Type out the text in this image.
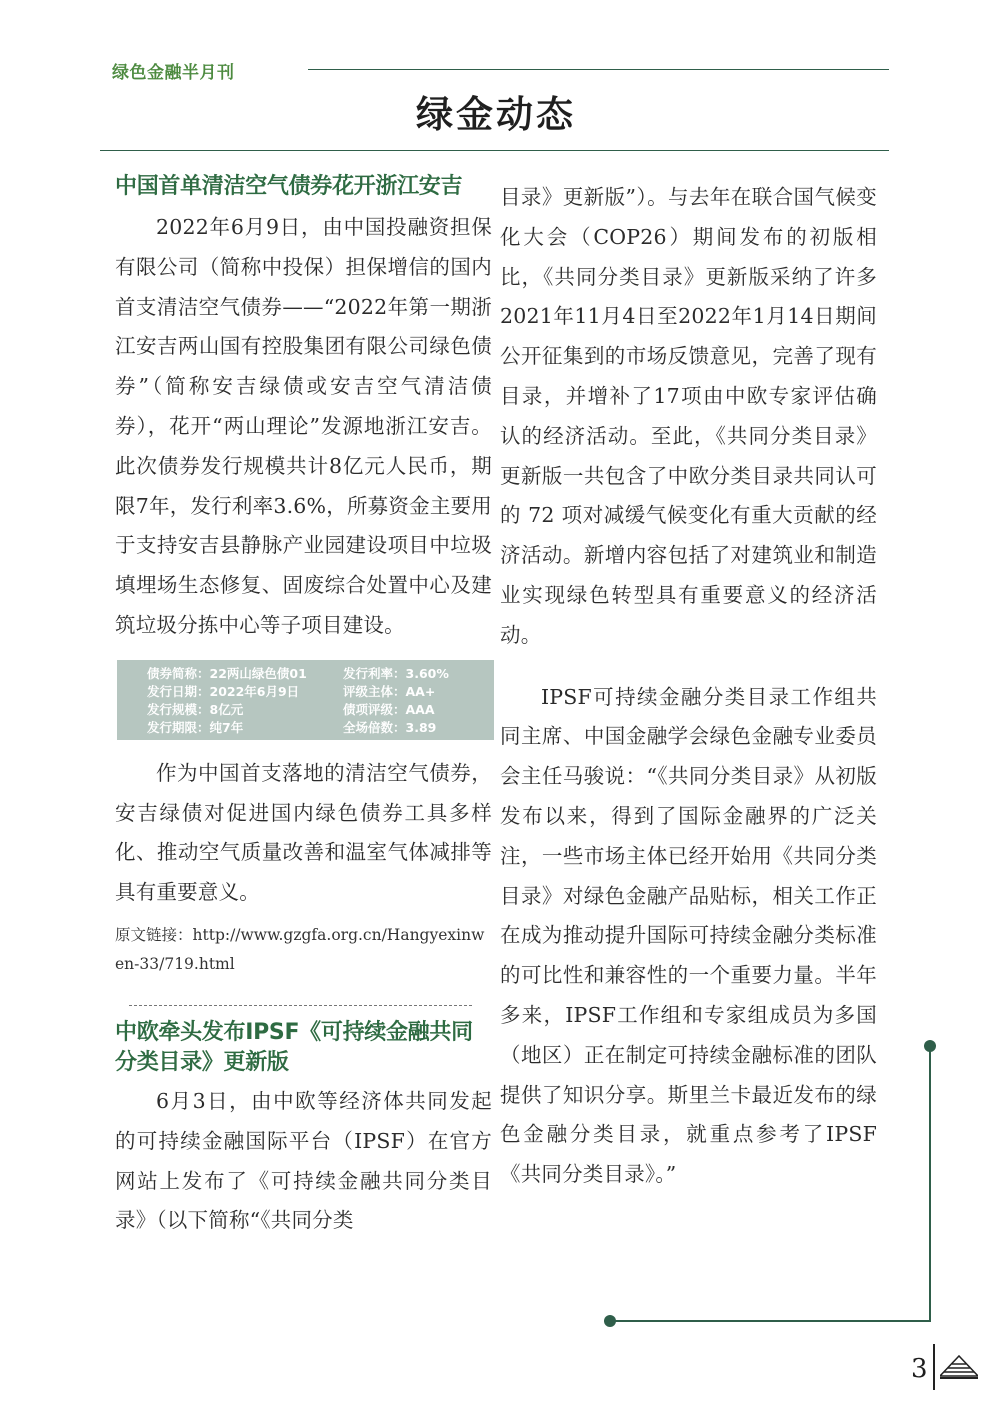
绿色金融半月刊
绿金动态
中国首单清洁空气债券花开浙江安吉

2022年6月9日，由中国投融资担保有限公司（简称中投保）担保增信的国内首支清洁空气债券——“2022年第一期浙江安吉两山国有控股集团有限公司绿色债券”（简称安吉绿债或安吉空气清洁债券），花开“两山理论”发源地浙江安吉。此次债券发行规模共计8亿元人民币，期限7年，发行利率3.6%，所募资金主要用于支持安吉县静脉产业园建设项目中垃圾填埋场生态修复、固废综合处置中心及建筑垃圾分拣中心等子项目建设。

债券简称：22两山绿色债01	发行利率：3.60%
发行日期：2022年6月9日	评级主体：AA+
发行规模：8亿元	债项评级：AAA
发行期限：纯7年	全场倍数：3.89

作为中国首支落地的清洁空气债券，安吉绿债对促进国内绿色债券工具多样化、推动空气质量改善和温室气体减排等具有重要意义。

原文链接：http://www.gzgfa.org.cn/Hangyexinwen-33/719.html

中欧牵头发布IPSF《可持续金融共同分类目录》更新版

6月3日，由中欧等经济体共同发起的可持续金融国际平台（IPSF）在官方网站上发布了《可持续金融共同分类目录》（以下简称“《共同分类

目录》更新版”）。与去年在联合国气候变化大会（COP26）期间发布的初版相比，《共同分类目录》更新版采纳了许多2021年11月4日至2022年1月14日期间公开征集到的市场反馈意见，完善了现有目录，并增补了17项由中欧专家评估确认的经济活动。至此，《共同分类目录》更新版一共包含了中欧分类目录共同认可的 72 项对减缓气候变化有重大贡献的经济活动。新增内容包括了对建筑业和制造业实现绿色转型具有重要意义的经济活动。

IPSF可持续金融分类目录工作组共同主席、中国金融学会绿色金融专业委员会主任马骏说：“《共同分类目录》从初版发布以来，得到了国际金融界的广泛关注，一些市场主体已经开始用《共同分类目录》对绿色金融产品贴标，相关工作正在成为推动提升国际可持续金融分类标准的可比性和兼容性的一个重要力量。半年多来，IPSF工作组和专家组成员为多国（地区）正在制定可持续金融标准的团队提供了知识分享。斯里兰卡最近发布的绿色金融分类目录，就重点参考了IPSF《共同分类目录》。”

3
